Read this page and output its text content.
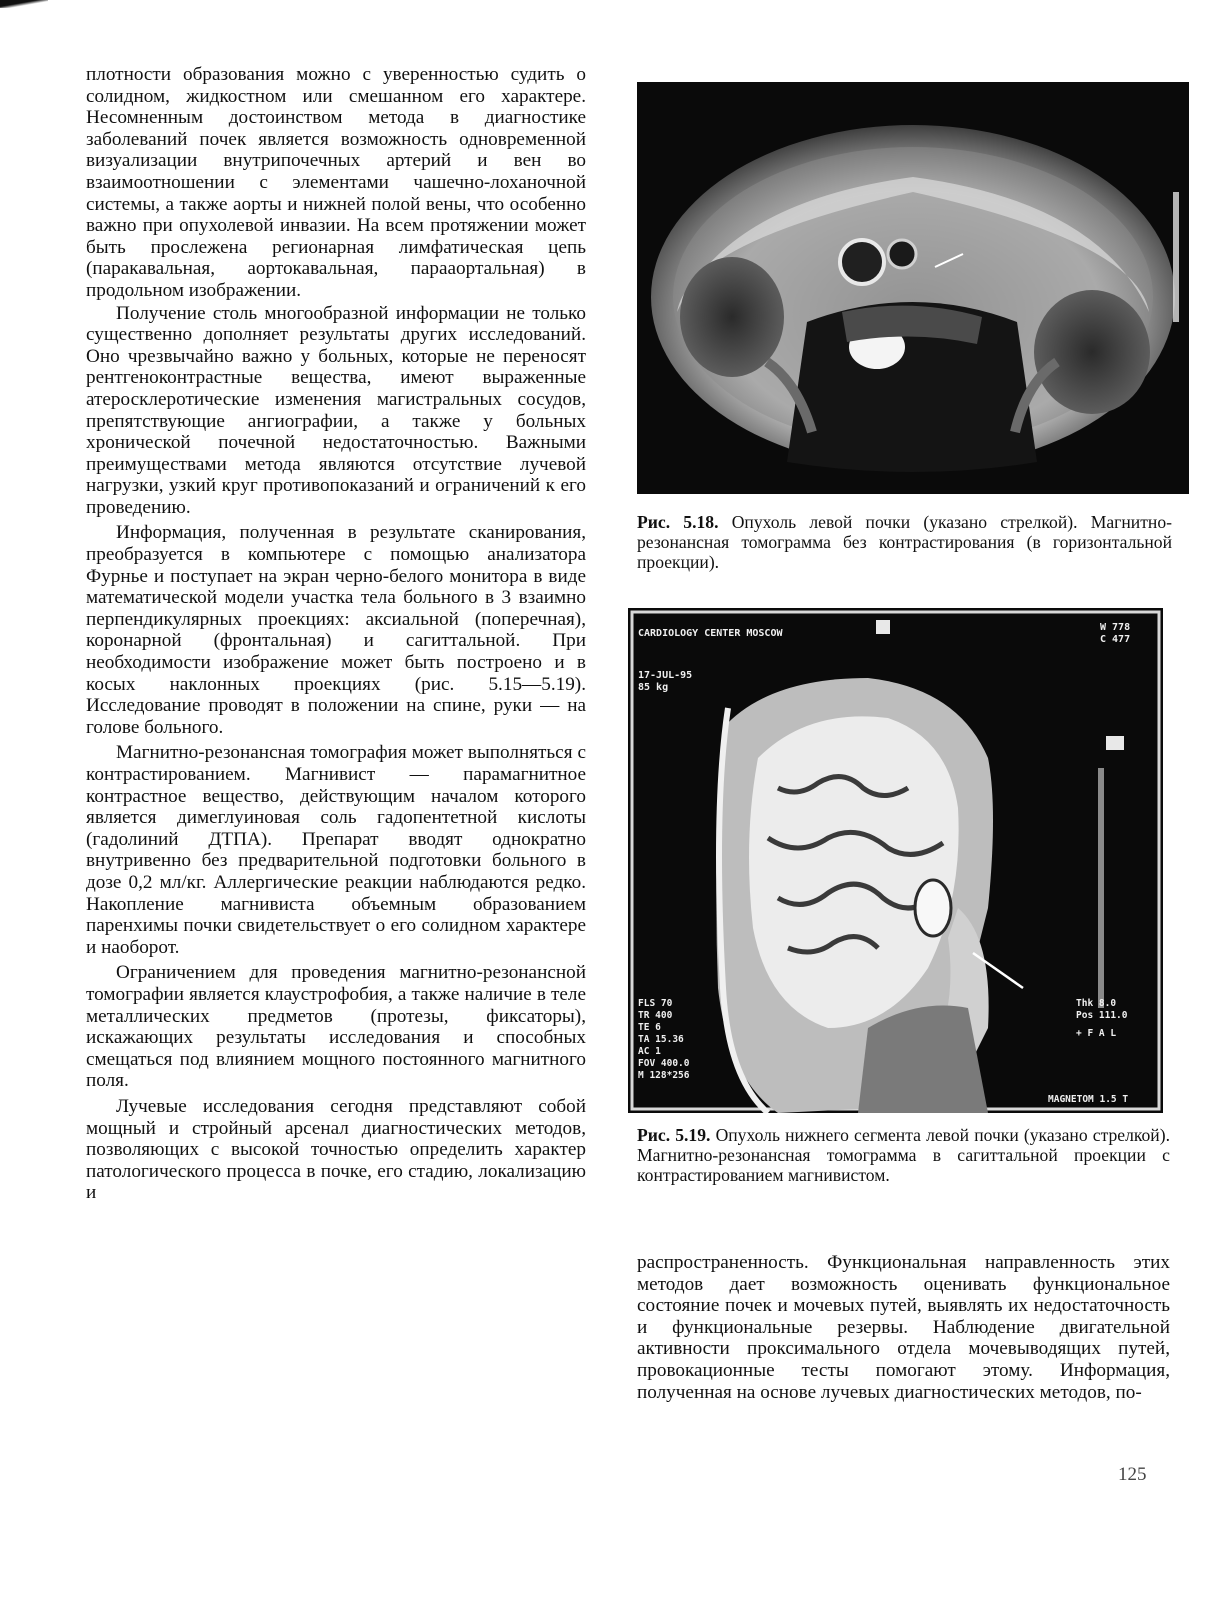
плотности образования можно с уверенностью судить о солидном, жидкостном или смешанном его характере. Несомненным достоинством метода в диагностике заболеваний почек является возможность одновременной визуализации внутрипочечных артерий и вен во взаимоотношении с элементами чашечно-лоханочной системы, а также аорты и нижней полой вены, что особенно важно при опухолевой инвазии. На всем протяжении может быть прослежена регионарная лимфатическая цепь (паракавальная, аортокавальная, парааортальная) в продольном изображении.

Получение столь многообразной информации не только существенно дополняет результаты других исследований. Оно чрезвычайно важно у больных, которые не переносят рентгеноконтрастные вещества, имеют выраженные атеросклеротические изменения магистральных сосудов, препятствующие ангиографии, а также у больных хронической почечной недостаточностью. Важными преимуществами метода являются отсутствие лучевой нагрузки, узкий круг противопоказаний и ограничений к его проведению.

Информация, полученная в результате сканирования, преобразуется в компьютере с помощью анализатора Фурнье и поступает на экран черно-белого монитора в виде математической модели участка тела больного в 3 взаимно перпендикулярных проекциях: аксиальной (поперечная), коронарной (фронтальная) и сагиттальной. При необходимости изображение может быть построено и в косых наклонных проекциях (рис. 5.15—5.19). Исследование проводят в положении на спине, руки — на голове больного.

Магнитно-резонансная томография может выполняться с контрастированием. Магнивист — парамагнитное контрастное вещество, действующим началом которого является димеглуиновая соль гадопентетной кислоты (гадолиний ДТПА). Препарат вводят однократно внутривенно без предварительной подготовки больного в дозе 0,2 мл/кг. Аллергические реакции наблюдаются редко. Накопление магнивиста объемным образованием паренхимы почки свидетельствует о его солидном характере и наоборот.

Ограничением для проведения магнитно-резонансной томографии является клаустрофобия, а также наличие в теле металлических предметов (протезы, фиксаторы), искажающих результаты исследования и способных смещаться под влиянием мощного постоянного магнитного поля.

Лучевые исследования сегодня представляют собой мощный и стройный арсенал диагностических методов, позволяющих с высокой точностью определить характер патологического процесса в почке, его стадию, локализацию и

Рис. 5.18. Опухоль левой почки (указано стрелкой). Магнитно-резонансная томограмма без контрастирования (в горизонтальной проекции).
CARDIOLOGY CENTER MOSCOW
17-JUL-95
85 kg
W 778
C 477
FLS 70
TR 400
TE 6
TA 15.36
AC 1
FOV 400.0
M 128*256
Thk 8.0
Pos 111.0
+ F A L
MAGNETOM 1.5 T
Рис. 5.19. Опухоль нижнего сегмента левой почки (указано стрелкой). Магнитно-резонансная томограмма в сагиттальной проекции с контрастированием магнивистом.

распространенность. Функциональная направленность этих методов дает возможность оценивать функциональное состояние почек и мочевых путей, выявлять их недостаточность и функциональные резервы. Наблюдение двигательной активности проксимального отдела мочевыводящих путей, провокационные тесты помогают этому. Информация, полученная на основе лучевых диагностических методов, по-

125
